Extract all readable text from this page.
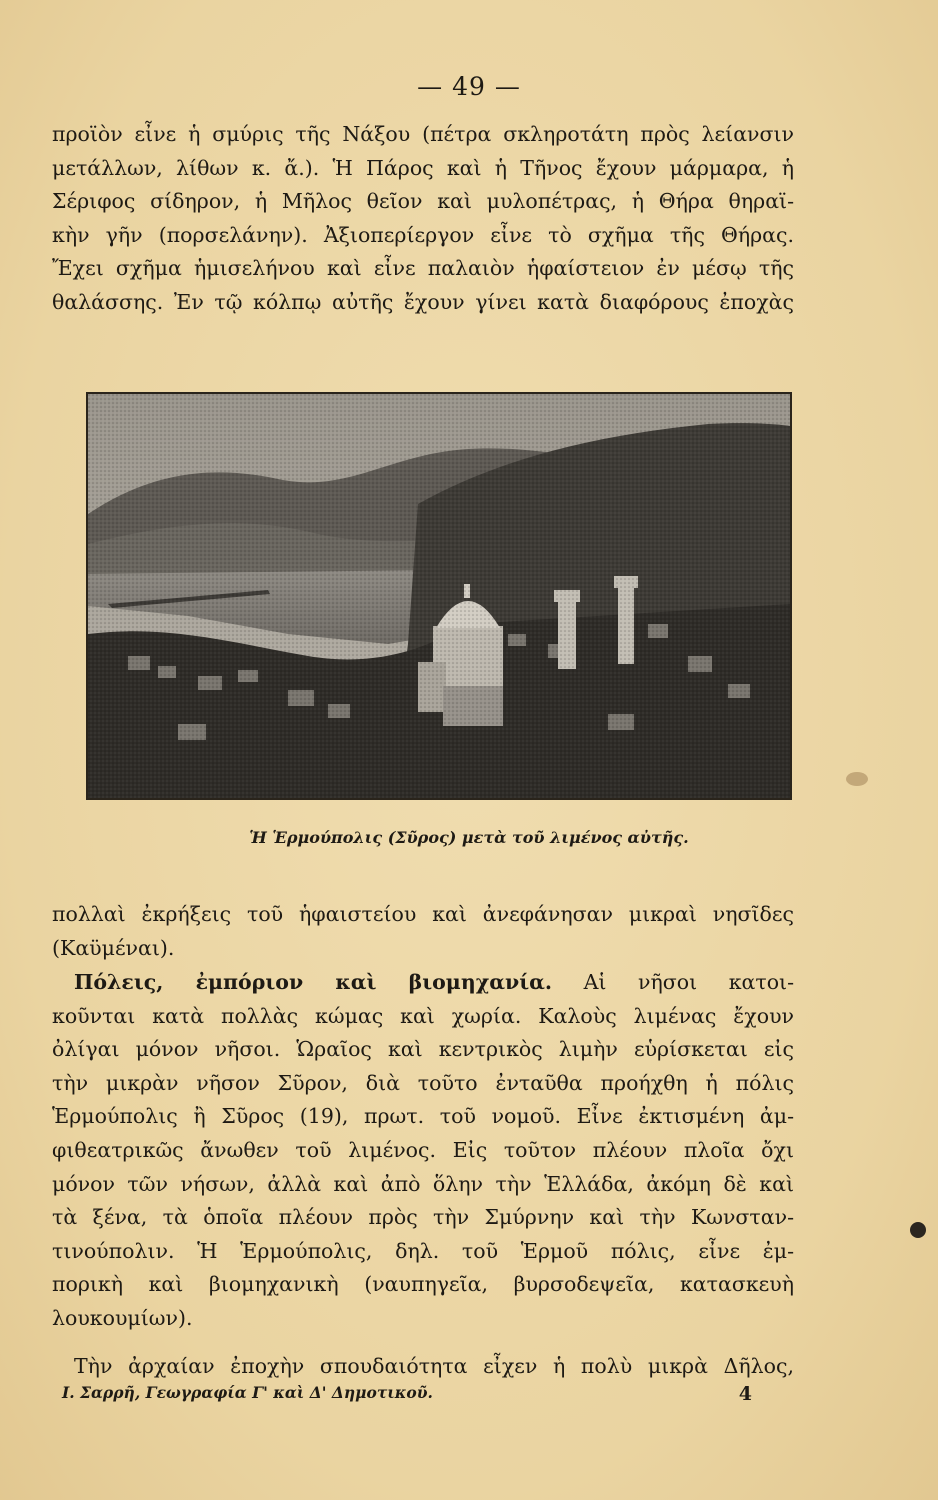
— 49 —
προϊὸν εἶνε ἡ σμύρις τῆς Νάξου (πέτρα σκληροτάτη πρὸς λείανσιν
μετάλλων, λίθων κ. ἄ.). Ἡ Πάρος καὶ ἡ Τῆνος ἔχουν μάρμαρα, ἡ
Σέριφος σίδηρον, ἡ Μῆλος θεῖον καὶ μυλοπέτρας, ἡ Θήρα θηραϊ-
κὴν γῆν (πορσελάνην). Ἀξιοπερίεργον εἶνε τὸ σχῆμα τῆς Θήρας.
Ἔχει σχῆμα ἡμισελήνου καὶ εἶνε παλαιὸν ἡφαίστειον ἐν μέσῳ τῆς
θαλάσσης. Ἐν τῷ κόλπῳ αὐτῆς ἔχουν γίνει κατὰ διαφόρους ἐποχὰς
Ἡ Ἑρμούπολις (Σῦρος) μετὰ τοῦ λιμένος αὐτῆς.
πολλαὶ ἐκρήξεις τοῦ ἡφαιστείου καὶ ἀνεφάνησαν μικραὶ νησῖδες
(Καϋμέναι).
Πόλεις, ἐμπόριον καὶ βιομηχανία. Αἱ νῆσοι κατοι-
κοῦνται κατὰ πολλὰς κώμας καὶ χωρία. Καλοὺς λιμένας ἔχουν
ὀλίγαι μόνον νῆσοι. Ὡραῖος καὶ κεντρικὸς λιμὴν εὑρίσκεται εἰς
τὴν μικρὰν νῆσον Σῦρον, διὰ τοῦτο ἐνταῦθα προήχθη ἡ πόλις
Ἑρμούπολις ἢ Σῦρος (19), πρωτ. τοῦ νομοῦ. Εἶνε ἐκτισμένη ἀμ-
φιθεατρικῶς ἄνωθεν τοῦ λιμένος. Εἰς τοῦτον πλέουν πλοῖα ὄχι
μόνον τῶν νήσων, ἀλλὰ καὶ ἀπὸ ὅλην τὴν Ἑλλάδα, ἀκόμη δὲ καὶ
τὰ ξένα, τὰ ὁποῖα πλέουν πρὸς τὴν Σμύρνην καὶ τὴν Κωνσταν-
τινούπολιν. Ἡ Ἑρμούπολις, δηλ. τοῦ Ἑρμοῦ πόλις, εἶνε ἐμ-
πορικὴ καὶ βιομηχανικὴ (ναυπηγεῖα, βυρσοδεψεῖα, κατασκευὴ
λουκουμίων).
Τὴν ἀρχαίαν ἐποχὴν σπουδαιότητα εἶχεν ἡ πολὺ μικρὰ Δῆλος,
Ι. Σαρρῆ, Γεωγραφία Γ' καὶ Δ' Δημοτικοῦ.	4
